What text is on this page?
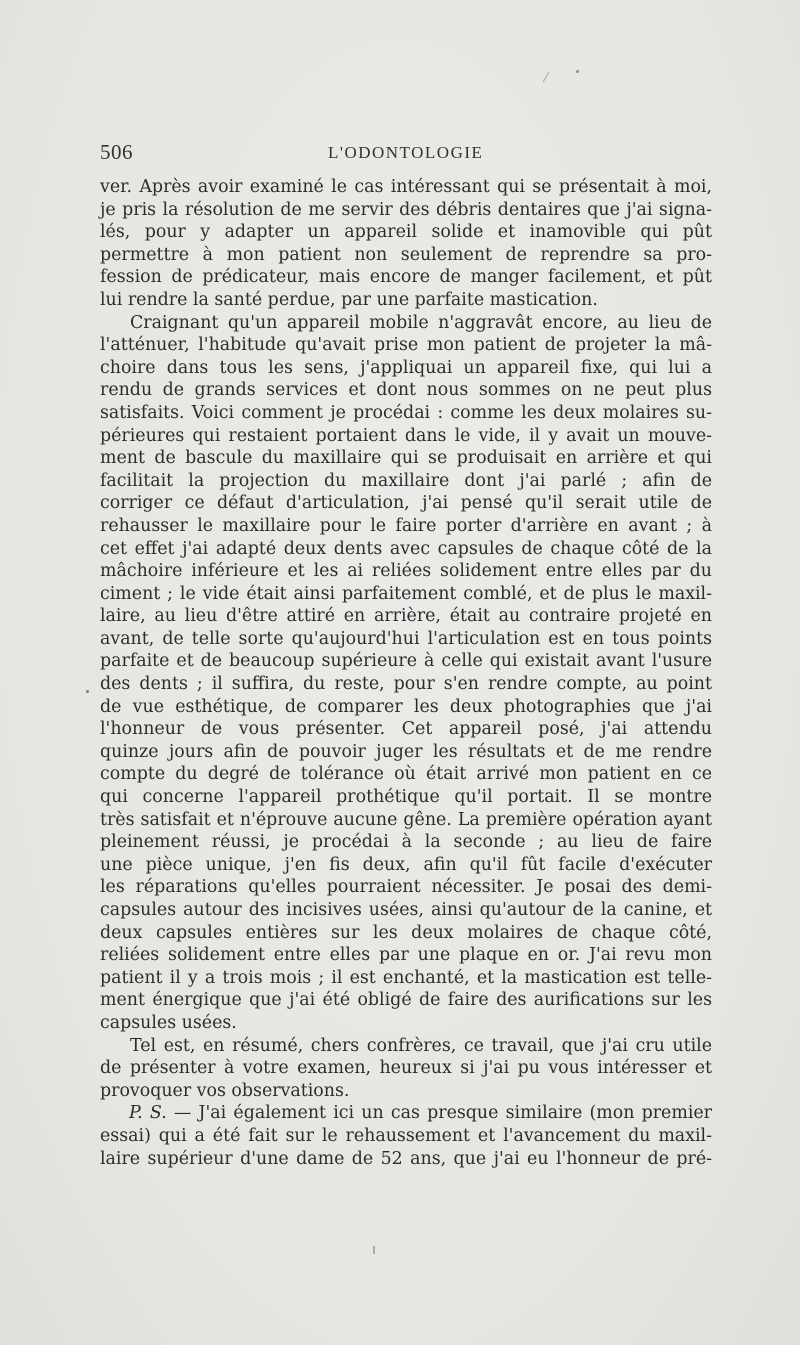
⁄
506	L'ODONTOLOGIE
ver. Après avoir examiné le cas intéressant qui se présentait à moi,
je pris la résolution de me servir des débris dentaires que j'ai signa-
lés, pour y adapter un appareil solide et inamovible qui pût
permettre à mon patient non seulement de reprendre sa pro-
fession de prédicateur, mais encore de manger facilement, et pût
lui rendre la santé perdue, par une parfaite mastication.
Craignant qu'un appareil mobile n'aggravât encore, au lieu de
l'atténuer, l'habitude qu'avait prise mon patient de projeter la mâ-
choire dans tous les sens, j'appliquai un appareil fixe, qui lui a
rendu de grands services et dont nous sommes on ne peut plus
satisfaits. Voici comment je procédai : comme les deux molaires su-
périeures qui restaient portaient dans le vide, il y avait un mouve-
ment de bascule du maxillaire qui se produisait en arrière et qui
facilitait la projection du maxillaire dont j'ai parlé ; afin de
corriger ce défaut d'articulation, j'ai pensé qu'il serait utile de
rehausser le maxillaire pour le faire porter d'arrière en avant ; à
cet effet j'ai adapté deux dents avec capsules de chaque côté de la
mâchoire inférieure et les ai reliées solidement entre elles par du
ciment ; le vide était ainsi parfaitement comblé, et de plus le maxil-
laire, au lieu d'être attiré en arrière, était au contraire projeté en
avant, de telle sorte qu'aujourd'hui l'articulation est en tous points
parfaite et de beaucoup supérieure à celle qui existait avant l'usure
des dents ; il suffira, du reste, pour s'en rendre compte, au point
de vue esthétique, de comparer les deux photographies que j'ai
l'honneur de vous présenter. Cet appareil posé, j'ai attendu
quinze jours afin de pouvoir juger les résultats et de me rendre
compte du degré de tolérance où était arrivé mon patient en ce
qui concerne l'appareil prothétique qu'il portait. Il se montre
très satisfait et n'éprouve aucune gêne. La première opération ayant
pleinement réussi, je procédai à la seconde ; au lieu de faire
une pièce unique, j'en fis deux, afin qu'il fût facile d'exécuter
les réparations qu'elles pourraient nécessiter. Je posai des demi-
capsules autour des incisives usées, ainsi qu'autour de la canine, et
deux capsules entières sur les deux molaires de chaque côté,
reliées solidement entre elles par une plaque en or. J'ai revu mon
patient il y a trois mois ; il est enchanté, et la mastication est telle-
ment énergique que j'ai été obligé de faire des aurifications sur les
capsules usées.
Tel est, en résumé, chers confrères, ce travail, que j'ai cru utile
de présenter à votre examen, heureux si j'ai pu vous intéresser et
provoquer vos observations.
P. S. — J'ai également ici un cas presque similaire (mon premier
essai) qui a été fait sur le rehaussement et l'avancement du maxil-
laire supérieur d'une dame de 52 ans, que j'ai eu l'honneur de pré-
